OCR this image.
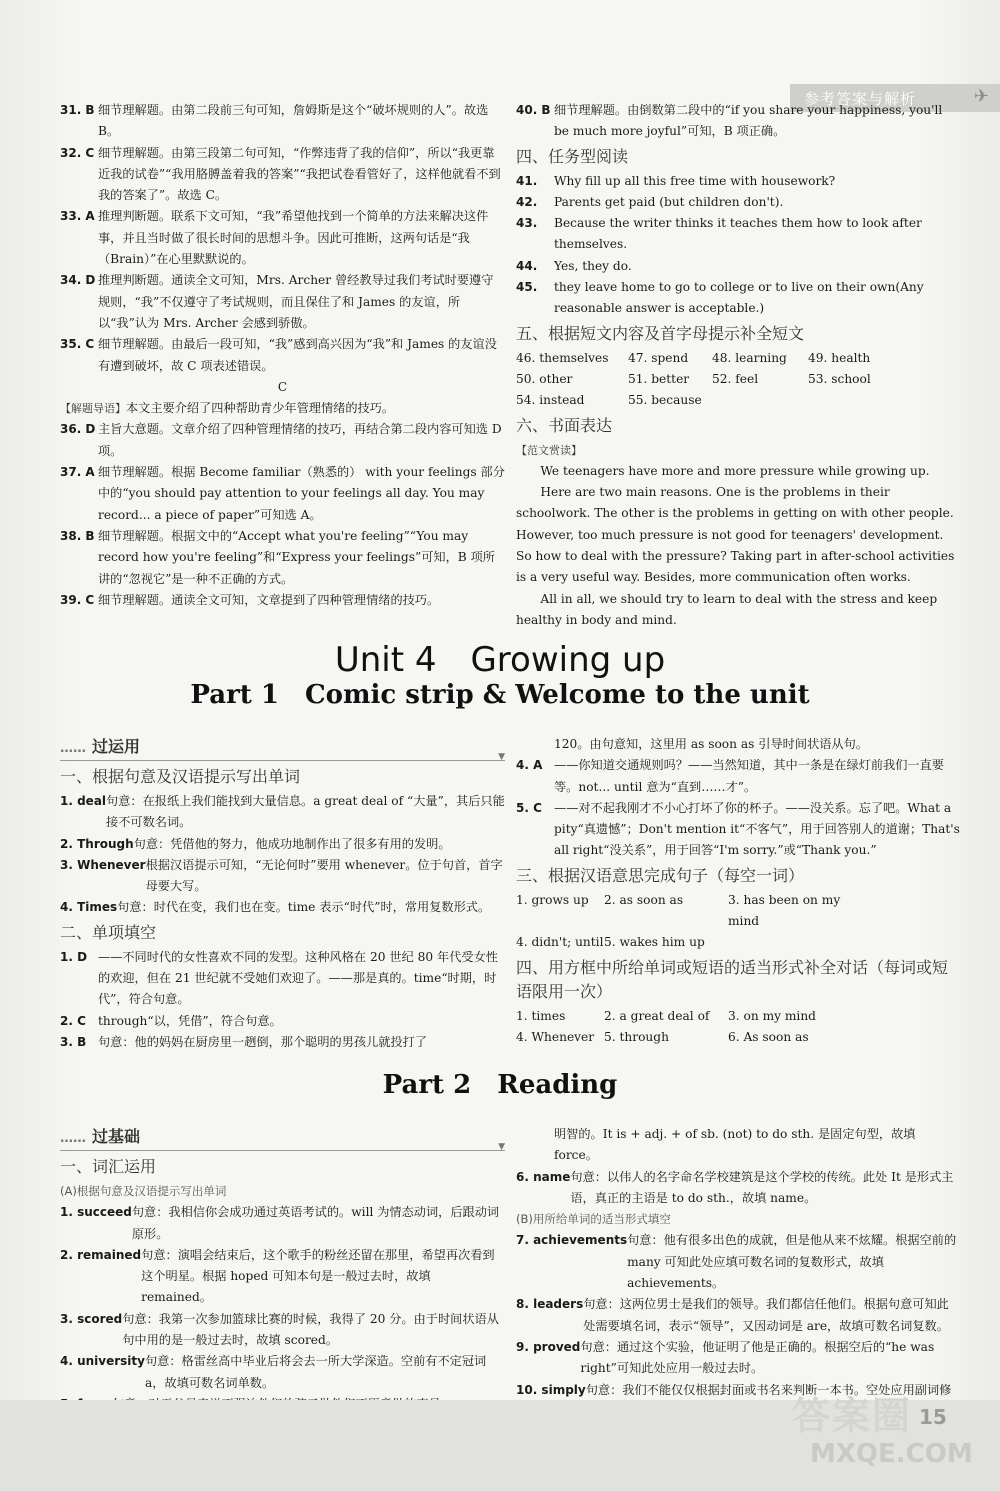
参考答案与解析	✈
31. B 细节理解题。由第二段前三句可知，詹姆斯是这个“破坏规则的人”。故选 B。
32. C 细节理解题。由第三段第二句可知，“作弊违背了我的信仰”，所以“我更靠近我的试卷”“我用胳膊盖着我的答案”“我把试卷看管好了，这样他就看不到我的答案了”。故选 C。
33. A 推理判断题。联系下文可知，“我”希望他找到一个简单的方法来解决这件事，并且当时做了很长时间的思想斗争。因此可推断，这两句话是“我（Brain）”在心里默默说的。
34. D 推理判断题。通读全文可知，Mrs. Archer 曾经教导过我们考试时要遵守规则，“我”不仅遵守了考试规则，而且保住了和 James 的友谊，所以“我”认为 Mrs. Archer 会感到骄傲。
35. C 细节理解题。由最后一段可知，“我”感到高兴因为“我”和 James 的友谊没有遭到破坏，故 C 项表述错误。
C
【解题导语】 本文主要介绍了四种帮助青少年管理情绪的技巧。
36. D 主旨大意题。文章介绍了四种管理情绪的技巧，再结合第二段内容可知选 D 项。
37. A 细节理解题。根据 Become familiar（熟悉的） with your feelings 部分中的“you should pay attention to your feelings all day. You may record... a piece of paper”可知选 A。
38. B 细节理解题。根据文中的“Accept what you're feeling”“You may record how you're feeling”和“Express your feelings”可知，B 项所讲的“忽视它”是一种不正确的方式。
39. C 细节理解题。通读全文可知，文章提到了四种管理情绪的技巧。
40. B 细节理解题。由倒数第二段中的“if you share your happiness, you'll be much more joyful”可知，B 项正确。
四、任务型阅读
41.	Why fill up all this free time with housework?
42.	Parents get paid (but children don't).
43.	Because the writer thinks it teaches them how to look after themselves.
44.	Yes, they do.
45.	they leave home to go to college or to live on their own(Any reasonable answer is acceptable.)
五、根据短文内容及首字母提示补全短文
46. themselves	47. spend	48. learning	49. health
50. other	51. better	52. feel	53. school
54. instead	55. because
六、书面表达
【范文赏读】

We teenagers have more and more pressure while growing up.

Here are two main reasons. One is the problems in their schoolwork. The other is the problems in getting on with other people. However, too much pressure is not good for teenagers' development. So how to deal with the pressure? Taking part in after-school activities is a very useful way. Besides, more communication often works.

All in all, we should try to learn to deal with the stress and keep healthy in body and mind.

Unit 4 Growing up
Part 1 Comic strip & Welcome to the unit
…… 过运用
▼
一、根据句意及汉语提示写出单词
1. deal 句意：在报纸上我们能找到大量信息。a great deal of “大量”，其后只能接不可数名词。
2. Through 句意：凭借他的努力，他成功地制作出了很多有用的发明。
3. Whenever 根据汉语提示可知，“无论何时”要用 whenever。位于句首，首字母要大写。
4. Times 句意：时代在变，我们也在变。time 表示“时代”时，常用复数形式。
二、单项填空
1. D ——不同时代的女性喜欢不同的发型。这种风格在 20 世纪 80 年代受女性的欢迎，但在 21 世纪就不受她们欢迎了。——那是真的。time“时期，时代”，符合句意。
2. C through“以，凭借”，符合句意。
3. B 句意：他的妈妈在厨房里一趔倒，那个聪明的男孩儿就投打了

120。由句意知，这里用 as soon as 引导时间状语从句。

4. A ——你知道交通规则吗？——当然知道，其中一条是在绿灯前我们一直要等。not... until 意为“直到……才”。
5. C ——对不起我刚才不小心打坏了你的杯子。——没关系。忘了吧。What a pity“真遗憾”；Don't mention it“不客气”，用于回答别人的道谢；That's all right“没关系”，用于回答“I'm sorry.”或“Thank you.”
三、根据汉语意思完成句子（每空一词）
1. grows up	2. as soon as	3. has been on my mind
4. didn't; until 5. wakes him up
四、用方框中所给单词或短语的适当形式补全对话（每词或短语限用一次）
1. times	2. a great deal of	3. on my mind
4. Whenever 5. through	6. As soon as
Part 2 Reading
…… 过基础
▼
一、词汇运用
(A)根据句意及汉语提示写出单词
1. succeed 句意：我相信你会成功通过英语考试的。will 为情态动词，后跟动词原形。
2. remained 句意：演唱会结束后，这个歌手的粉丝还留在那里，希望再次看到这个明星。根据 hoped 可知本句是一般过去时，故填 remained。
3. scored 句意：我第一次参加篮球比赛的时候，我得了 20 分。由于时间状语从句中用的是一般过去时，故填 scored。
4. university 句意：格雷丝高中毕业后将会去一所大学深造。空前有不定冠词 a，故填可数名词单数。

明智的。It is + adj. + of sb. (not) to do sth. 是固定句型，故填 force。

6. name 句意：以伟人的名字命名学校建筑是这个学校的传统。此处 It 是形式主语，真正的主语是 to do sth.，故填 name。
(B)用所给单词的适当形式填空
7. achievements 句意：他有很多出色的成就，但是他从来不炫耀。根据空前的 many 可知此处应填可数名词的复数形式，故填 achievements。
8. leaders 句意：这两位男士是我们的领导。我们都信任他们。根据句意可知此处需要填名词，表示“领导”，又因动词是 are，故填可数名词复数。
9. proved 句意：通过这个实验，他证明了他是正确的。根据空后的“he was right”可知此处应用一般过去时。
10. simply 句意：我们不能仅仅根据封面或书名来判断一本书。空处应用副词修
15
答案圈
MXQE.COM
